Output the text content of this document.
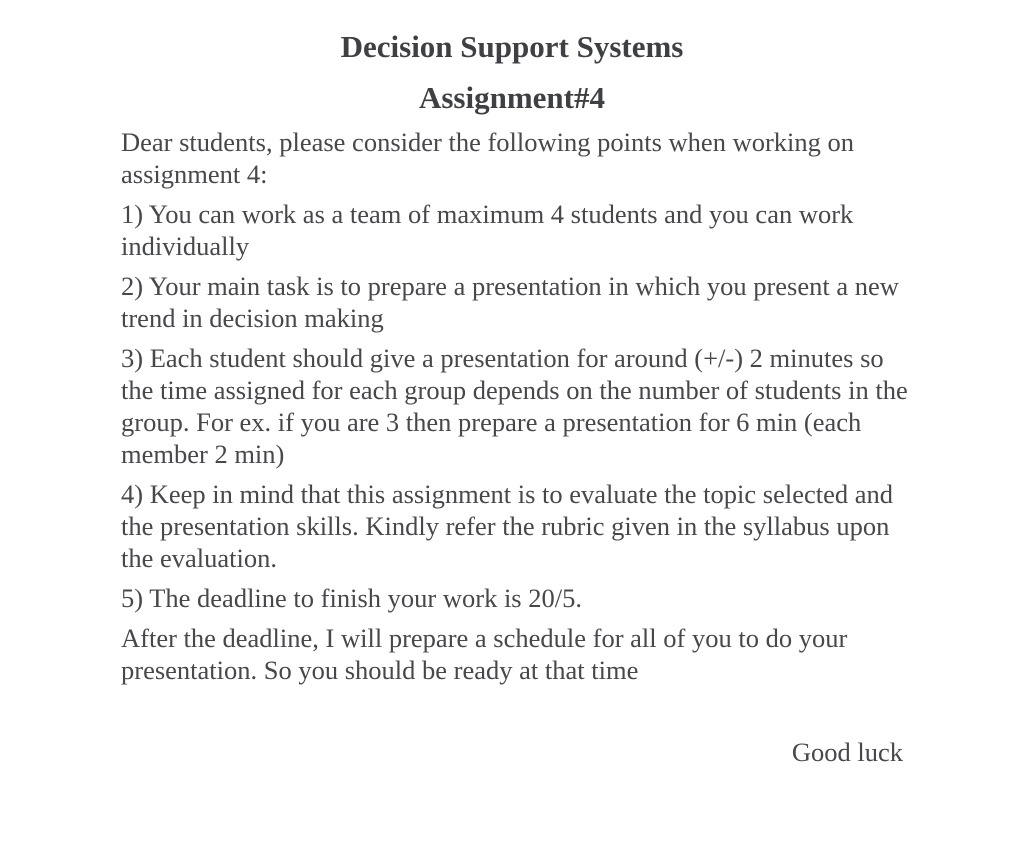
Decision Support Systems
Assignment#4

Dear students, please consider the following points when working on assignment 4:

1) You can work as a team of maximum 4 students and you can work individually

2) Your main task is to prepare a presentation in which you present a new trend in decision making

3) Each student should give a presentation for around (+/-) 2 minutes so the time assigned for each group depends on the number of students in the group. For ex. if you are 3 then prepare a presentation for 6 min (each member 2 min)

4) Keep in mind that this assignment is to evaluate the topic selected and the presentation skills. Kindly refer the rubric given in the syllabus upon the evaluation.

5) The deadline to finish your work is 20/5.

After the deadline, I will prepare a schedule for all of you to do your presentation. So you should be ready at that time

Good luck
